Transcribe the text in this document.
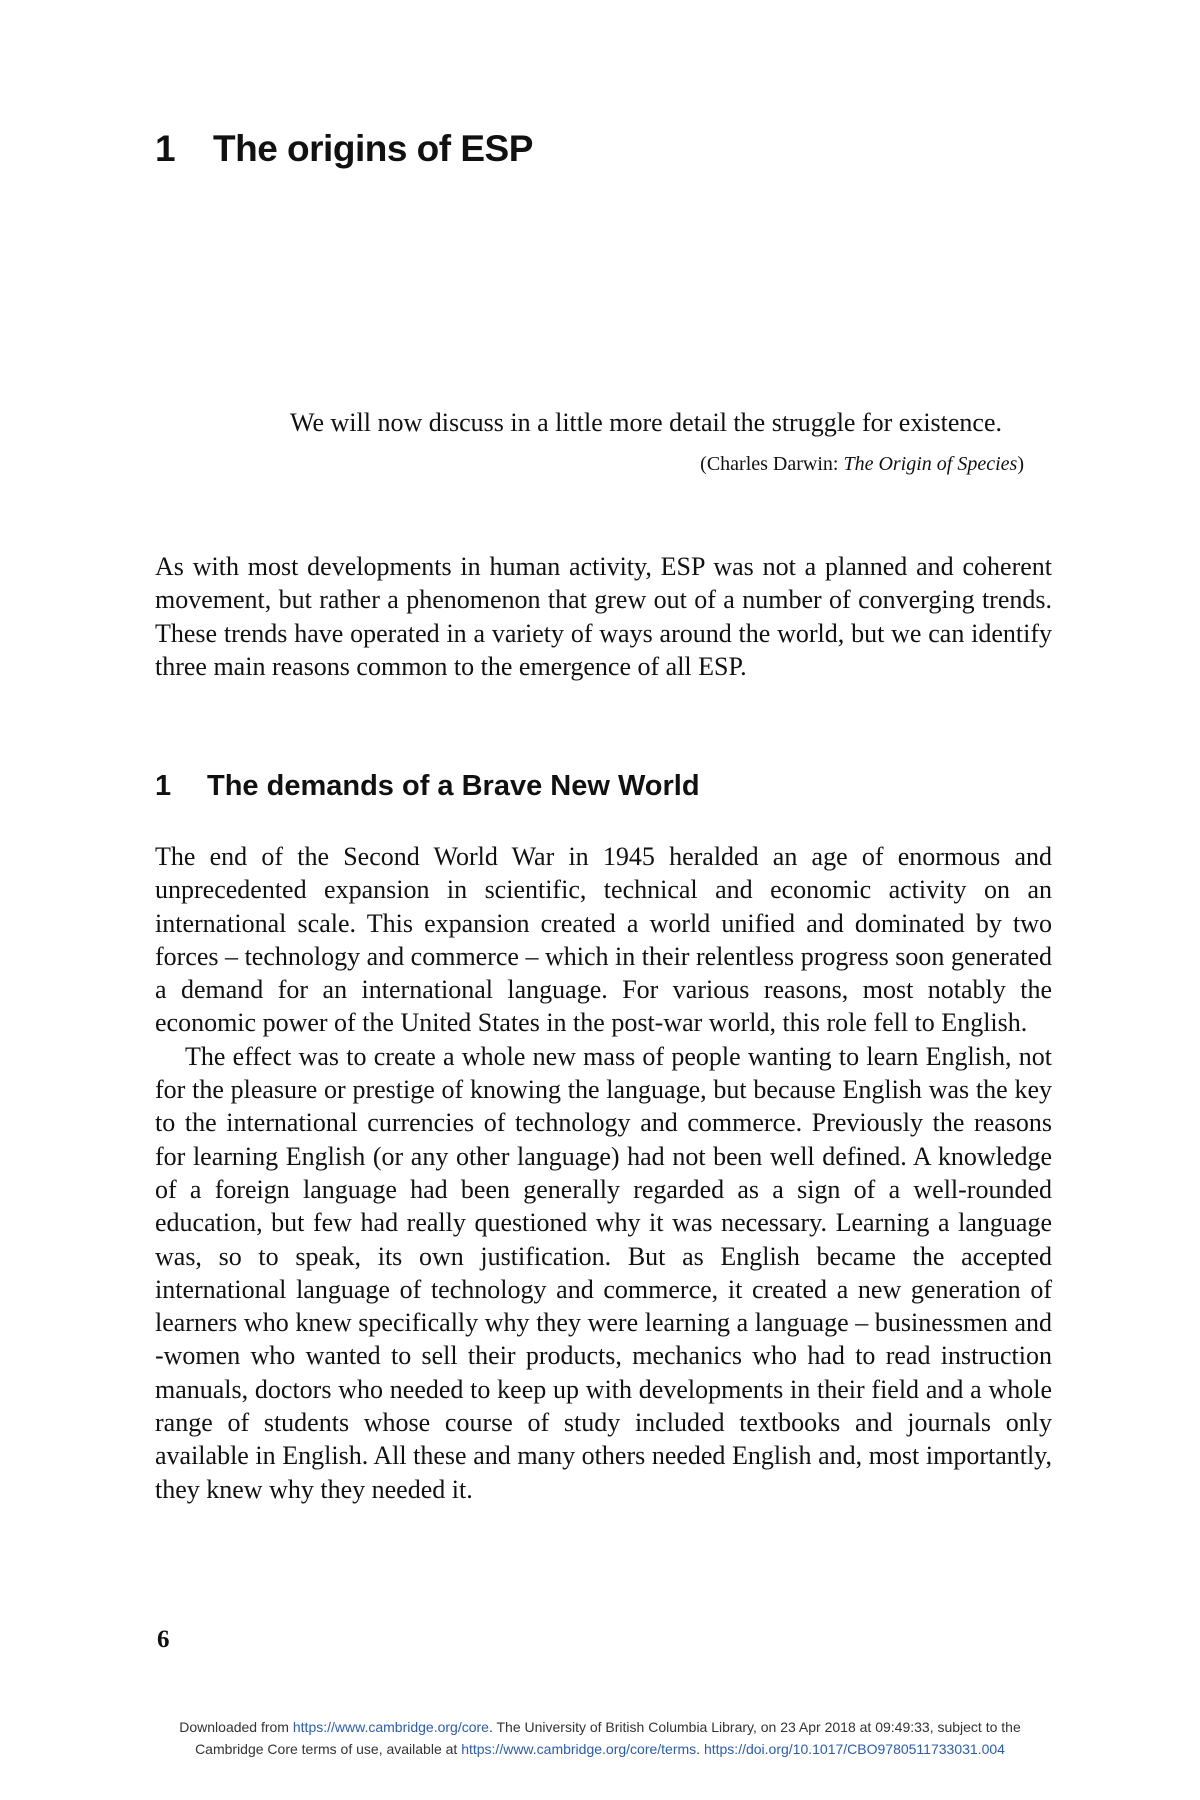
1 The origins of ESP

We will now discuss in a little more detail the struggle for existence.

(Charles Darwin: The Origin of Species)

As with most developments in human activity, ESP was not a planned and coherent movement, but rather a phenomenon that grew out of a number of converging trends. These trends have operated in a variety of ways around the world, but we can identify three main reasons common to the emergence of all ESP.

1 The demands of a Brave New World

The end of the Second World War in 1945 heralded an age of enormous and unprecedented expansion in scientific, technical and economic activity on an international scale. This expansion created a world unified and dominated by two forces – technology and commerce – which in their relentless progress soon generated a demand for an international language. For various reasons, most notably the economic power of the United States in the post-war world, this role fell to English.

The effect was to create a whole new mass of people wanting to learn English, not for the pleasure or prestige of knowing the language, but because English was the key to the international currencies of technology and commerce. Previously the reasons for learning English (or any other language) had not been well defined. A knowledge of a foreign language had been generally regarded as a sign of a well-rounded education, but few had really questioned why it was necessary. Learning a language was, so to speak, its own justification. But as English became the accepted international language of technology and commerce, it created a new generation of learners who knew specifically why they were learning a language – businessmen and -women who wanted to sell their products, mechanics who had to read instruction manuals, doctors who needed to keep up with developments in their field and a whole range of students whose course of study included textbooks and journals only available in English. All these and many others needed English and, most importantly, they knew why they needed it.

6
Downloaded from https://www.cambridge.org/core. The University of British Columbia Library, on 23 Apr 2018 at 09:49:33, subject to the
Cambridge Core terms of use, available at https://www.cambridge.org/core/terms. https://doi.org/10.1017/CBO9780511733031.004
